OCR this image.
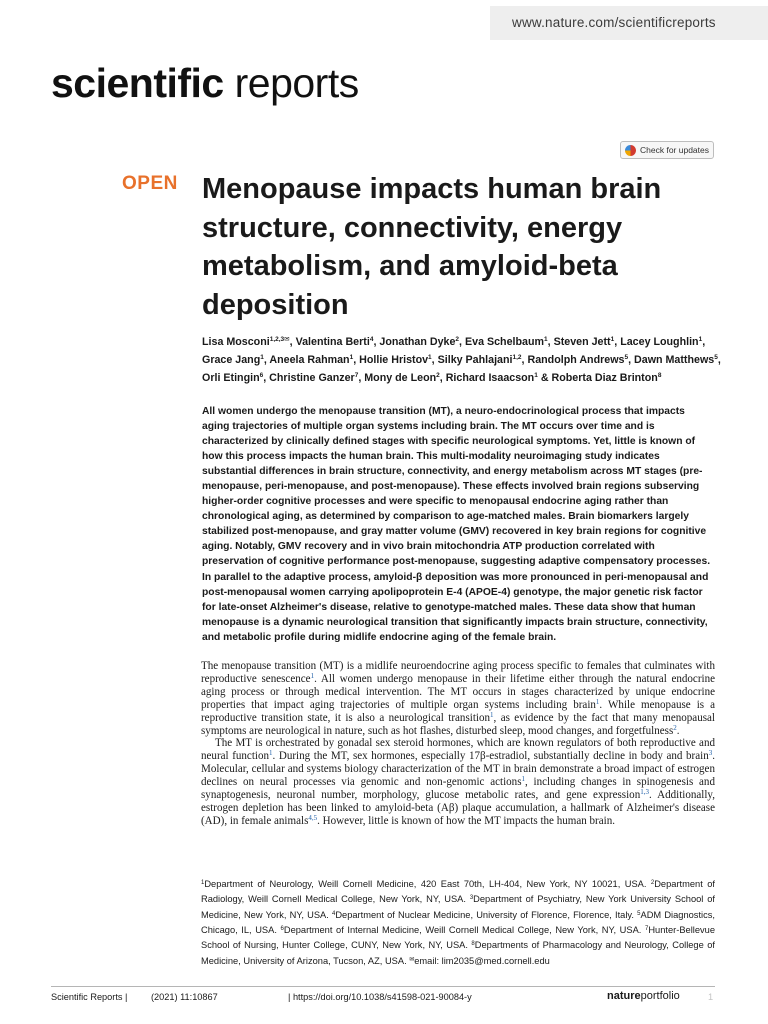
www.nature.com/scientificreports
scientific reports
Check for updates
OPEN Menopause impacts human brain structure, connectivity, energy metabolism, and amyloid-beta deposition
Lisa Mosconi$^{1,2,3✉}$, Valentina Berti$^4$, Jonathan Dyke$^2$, Eva Schelbaum$^1$, Steven Jett$^1$, Lacey Loughlin$^1$, Grace Jang$^1$, Aneela Rahman$^1$, Hollie Hristov$^1$, Silky Pahlajani$^{1,2}$, Randolph Andrews$^5$, Dawn Matthews$^5$, Orli Etingin$^6$, Christine Ganzer$^7$, Mony de Leon$^2$, Richard Isaacson$^1$ & Roberta Diaz Brinton$^8$

All women undergo the menopause transition (MT), a neuro-endocrinological process that impacts aging trajectories of multiple organ systems including brain. The MT occurs over time and is characterized by clinically defined stages with specific neurological symptoms. Yet, little is known of how this process impacts the human brain. This multi-modality neuroimaging study indicates substantial differences in brain structure, connectivity, and energy metabolism across MT stages (pre-menopause, peri-menopause, and post-menopause). These effects involved brain regions subserving higher-order cognitive processes and were specific to menopausal endocrine aging rather than chronological aging, as determined by comparison to age-matched males. Brain biomarkers largely stabilized post-menopause, and gray matter volume (GMV) recovered in key brain regions for cognitive aging. Notably, GMV recovery and in vivo brain mitochondria ATP production correlated with preservation of cognitive performance post-menopause, suggesting adaptive compensatory processes. In parallel to the adaptive process, amyloid-β deposition was more pronounced in peri-menopausal and post-menopausal women carrying apolipoprotein E-4 (APOE-4) genotype, the major genetic risk factor for late-onset Alzheimer's disease, relative to genotype-matched males. These data show that human menopause is a dynamic neurological transition that significantly impacts brain structure, connectivity, and metabolic profile during midlife endocrine aging of the female brain.

The menopause transition (MT) is a midlife neuroendocrine aging process specific to females that culminates with reproductive senescence$^1$. All women undergo menopause in their lifetime either through the natural endocrine aging process or through medical intervention. The MT occurs in stages characterized by unique endocrine properties that impact aging trajectories of multiple organ systems including brain$^1$. While menopause is a reproductive transition state, it is also a neurological transition$^1$, as evidence by the fact that many menopausal symptoms are neurological in nature, such as hot flashes, disturbed sleep, mood changes, and forgetfulness$^2$.

The MT is orchestrated by gonadal sex steroid hormones, which are known regulators of both reproductive and neural function$^1$. During the MT, sex hormones, especially 17β-estradiol, substantially decline in body and brain$^3$. Molecular, cellular and systems biology characterization of the MT in brain demonstrate a broad impact of estrogen declines on neural processes via genomic and non-genomic actions$^1$, including changes in spinogenesis and synaptogenesis, neuronal number, morphology, glucose metabolic rates, and gene expression$^{1,3}$. Additionally, estrogen depletion has been linked to amyloid-beta (Aβ) plaque accumulation, a hallmark of Alzheimer's disease (AD), in female animals$^{4,5}$. However, little is known of how the MT impacts the human brain.

$^1$Department of Neurology, Weill Cornell Medicine, 420 East 70th, LH-404, New York, NY 10021, USA. $^2$Department of Radiology, Weill Cornell Medical College, New York, NY, USA. $^3$Department of Psychiatry, New York University School of Medicine, New York, NY, USA. $^4$Department of Nuclear Medicine, University of Florence, Florence, Italy. $^5$ADM Diagnostics, Chicago, IL, USA. $^6$Department of Internal Medicine, Weill Cornell Medical College, New York, NY, USA. $^7$Hunter-Bellevue School of Nursing, Hunter College, CUNY, New York, NY, USA. $^8$Departments of Pharmacology and Neurology, College of Medicine, University of Arizona, Tucson, AZ, USA. ✉email: lim2035@med.cornell.edu
Scientific Reports |	(2021) 11:10867	| https://doi.org/10.1038/s41598-021-90084-y	natureportfolio	1
